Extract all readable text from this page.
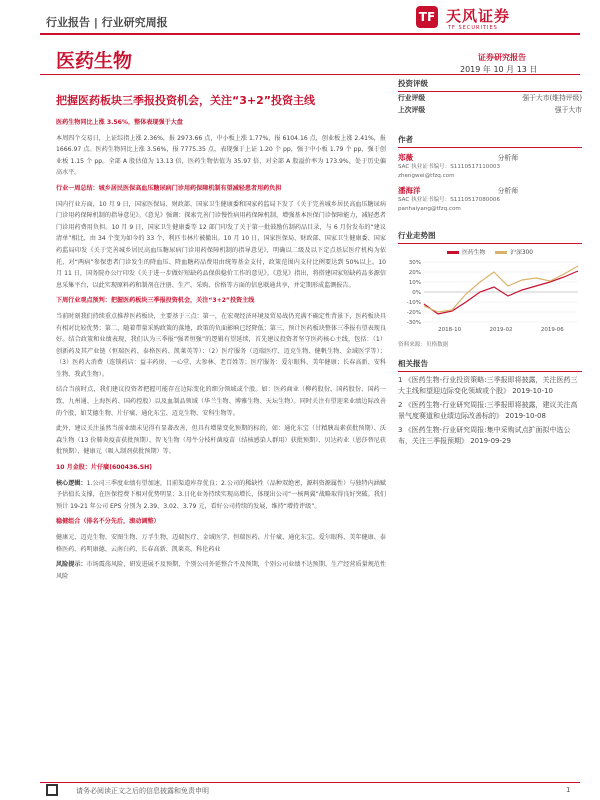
行业报告 | 行业研究周报	TF 天风证券
TF SECURITIES
医药生物	证券研究报告
2019 年 10 月 13 日
把握医药板块三季报投资机会，关注“3+2”投资主线

医药生物同比上涨 3.56%，整体表现强于大盘

本周四个交易日，上证综指上涨 2.36%，报 2973.66 点，中小板上涨 1.77%，报 6104.16 点，创业板上涨 2.41%，报 1666.97 点。医药生物同比上涨 3.56%，报 7775.35 点，表现强于上证 1.20 个 pp，强于中小板 1.79 个 pp，强于创业板 1.15 个 pp。全部 A 股估值为 13.13 倍，医药生物估值为 35.97 倍，对全部 A 股溢价率为 173.9%，处于历史偏高水平。

行业一周总结：城乡居民医保高血压糖尿病门诊用药保障机制有望减轻患者用药负担

国内行业方面，10 月 9 日，国家医保局、财政部、国家卫生健康委和国家药监局下发了《关于完善城乡居民高血压糖尿病门诊用药保障机制的指导意见》。《意见》强调：探索完善门诊慢性病用药保障机制，增强基本医保门诊保障能力，减轻患者门诊用药费用负担。10 月 9 日，国家卫生健康委等 12 部门印发了关于第一批鼓励仿制药品目录，与 6 月份发布的“建议清单”相比，由 34 个变为如今的 33 个，利匹韦林片被撤出。10 月 10 日，国家医保局、财政部、国家卫生健康委、国家药监局印发《关于完善城乡居民高血压糖尿病门诊用药保障机制的指导意见》，明确以二级及以下定点基层医疗机构为依托，对“两病”参保患者门诊发生的降血压、降血糖药品费用由统筹基金支付，政策范围内支付比例要达到 50%以上。10 月 11 日，国务院办公厅印发《关于进一步做好短缺药品保供稳价工作的意见》。《意见》指出，将搭建国家短缺药品多源信息采集平台，以此实现原料药和制剂在注册、生产、采购、价格等方面的信息联通共享，并定期形成监测报告。

下周行业观点预判：把握医药板块三季报投资机会，关注“3+2”投资主线

当前时刻我们持续重点推荐医药板块，主要基于三点：第一，在宏观经济环境及贸易战仍充满不确定性背景下，医药板块具有相对比较优势；第二，随着带量采购政策的落地，政策的负面影响已经降低；第三，预计医药板块整体三季报有望表现良好。结合政策和业绩表现，我们认为三季报“强者恒强”的逻辑有望延续，首先建议投资者坚守医药核心主线，包括：（1）创新药及其产业链（恒瑞医药、泰格医药、凯莱英等）；（2）医疗服务（迈瑞医疗、迈克生物、健帆生物、金域医学等）；（3）医药大消费（连锁药店：益丰药房、一心堂、大参林、老百姓等；医疗服务：爱尔眼科、美年健康；长春高新、安科生物、我武生物）。

结合当前时点，我们建议投资者把握可能存在边际变化的细分领域或个股。如：医药商业（柳药股份、国药股份、国药一致、九州通、上海医药、国药控股）以及血制品领域（华兰生物、博雅生物、天坛生物）。同时关注有望迎来业绩边际改善的个股，如艾德生物、片仔癀、通化东宝、迈克生物、安科生物等。

此外，建议关注虽然当前业绩未见得有显著改善，但具有增量变化预期的标的，如：通化东宝（甘精胰岛素获批预期）、沃森生物（13 价肺炎疫苗获批预期）、智飞生物（母牛分枝杆菌疫苗（结核感染人群用）获批预期）、贝达药业（恩莎替尼获批预期）、健康元（吸入制剂获批预期）等。

10 月金股：片仔癀(600436.SH)

核心逻辑：1.公司三季度业绩有望加速，目前渠道库存优良；2.公司的稀缺性（品种双绝密，源料资源属性）与独特内涵赋予估值长支撑，在医保控费下相对优势明显；3.日化业务持续实现高增长，体现出公司“一核两翼”战略取得良好突破。我们预计 19-21 年公司 EPS 分别为 2.39、3.02、3.79 元，看好公司持续的发展，维持“增持评级”。

稳健组合（排名不分先后，滚动调整）

健康元、迈克生物、安图生物、万孚生物、迈瑞医疗、金域医学、恒瑞医药、片仔癀、通化东宝、爱尔眼科、美年健康、泰格医药、药明康德、云南白药、长春高新、凯莱英、科伦药业

风险提示：市场震荡风险，研发进展不及预期，个别公司外延整合不及预期，个别公司业绩不达预期、生产经营质量规范性风险

投资评级
行业评级	强于大市(维持评级)
上次评级	强于大市
作者
郑薇	分析师
SAC 执业证书编号：S1110517110003
zhengwei@tfzq.com
潘海洋	分析师
SAC 执业证书编号：S1110517080006
panhaiyang@tfzq.com
行业走势图
医药生物	沪深300
30%
20%
10%
0%
-10%
-20%
-30%
2018-10	2019-02	2019-06
资料来源：贝格数据
相关报告
1 《医药生物-行业投资策略:三季报即将披露，关注医药三大主线和望迎边际变化领域或个股》 2019-10-10
2 《医药生物-行业研究周报:三季报即将披露，建议关注高景气度赛道和业绩边际改善标的》 2019-10-08
3 《医药生物-行业研究周报:集中采购试点扩面拟中选公布，关注三季报预期》 2019-09-29
请务必阅读正文之后的信息披露和免责申明	1
